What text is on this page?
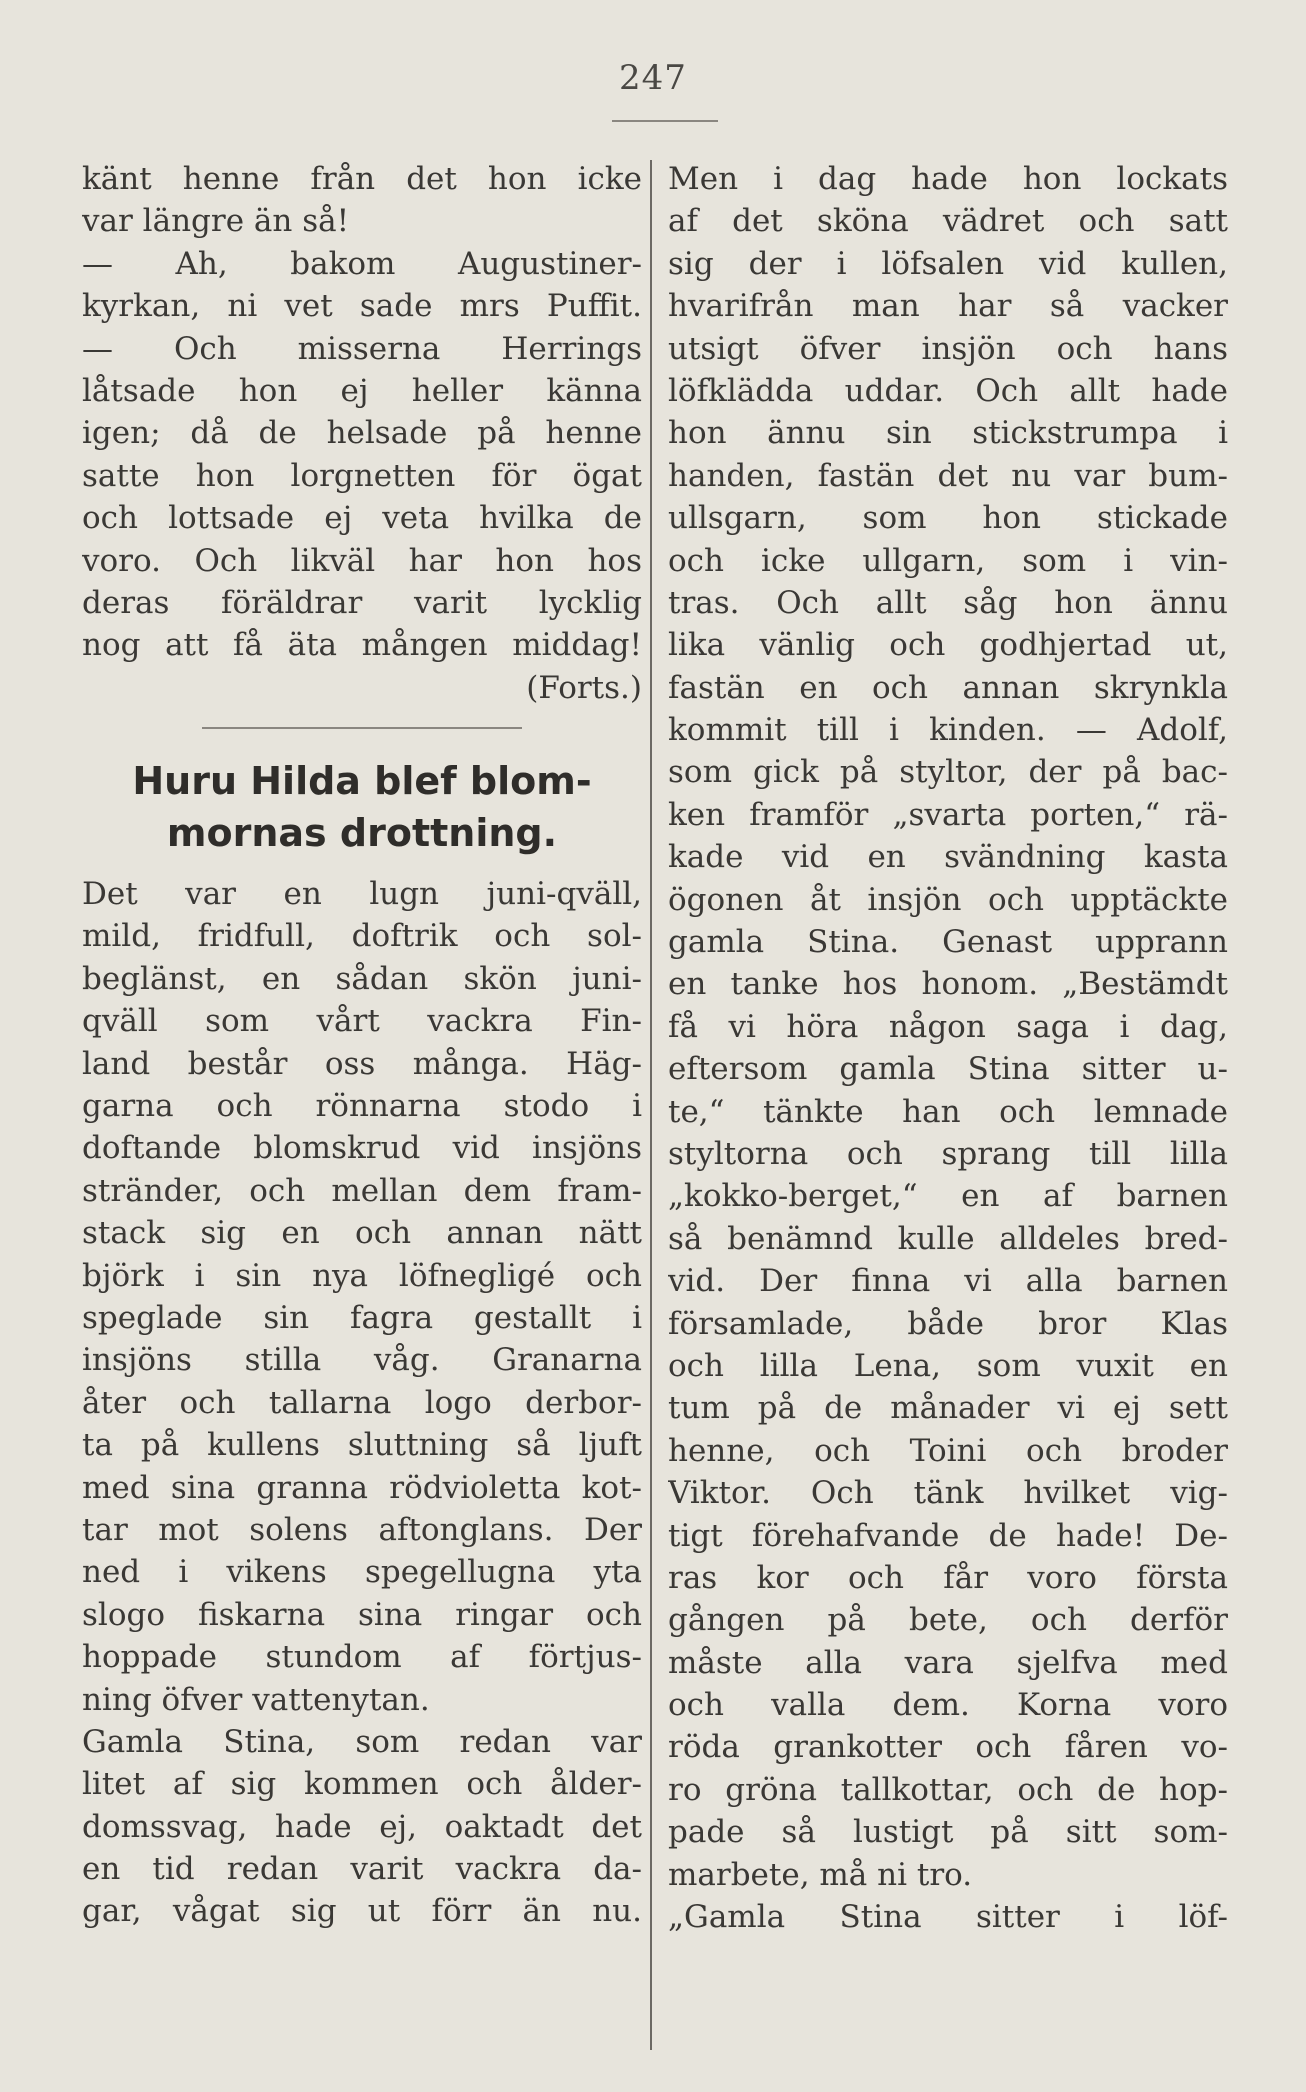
247
känt henne från det hon icke
var längre än så!
— Ah, bakom Augustiner-
kyrkan, ni vet sade mrs Puffit.
— Och misserna Herrings
låtsade hon ej heller känna
igen; då de helsade på henne
satte hon lorgnetten för ögat
och lottsade ej veta hvilka de
voro. Och likväl har hon hos
deras föräldrar varit lycklig
nog att få äta mången middag!
(Forts.)
Huru Hilda blef blom-
mornas drottning.
Det var en lugn juni-qväll,
mild, fridfull, doftrik och sol-
beglänst, en sådan skön juni-
qväll som vårt vackra Fin-
land består oss många. Häg-
garna och rönnarna stodo i
doftande blomskrud vid insjöns
stränder, och mellan dem fram-
stack sig en och annan nätt
björk i sin nya löfnegligé och
speglade sin fagra gestallt i
insjöns stilla våg. Granarna
åter och tallarna logo derbor-
ta på kullens sluttning så ljuft
med sina granna rödvioletta kot-
tar mot solens aftonglans. Der
ned i vikens spegellugna yta
slogo fiskarna sina ringar och
hoppade stundom af förtjus-
ning öfver vattenytan.
Gamla Stina, som redan var
litet af sig kommen och ålder-
domssvag, hade ej, oaktadt det
en tid redan varit vackra da-
gar, vågat sig ut förr än nu.
Men i dag hade hon lockats
af det sköna vädret och satt
sig der i löfsalen vid kullen,
hvarifrån man har så vacker
utsigt öfver insjön och hans
löfklädda uddar. Och allt hade
hon ännu sin stickstrumpa i
handen, fastän det nu var bum-
ullsgarn, som hon stickade
och icke ullgarn, som i vin-
tras. Och allt såg hon ännu
lika vänlig och godhjertad ut,
fastän en och annan skrynkla
kommit till i kinden. — Adolf,
som gick på styltor, der på bac-
ken framför „svarta porten,“ rä-
kade vid en svändning kasta
ögonen åt insjön och upptäckte
gamla Stina. Genast upprann
en tanke hos honom. „Bestämdt
få vi höra någon saga i dag,
eftersom gamla Stina sitter u-
te,“ tänkte han och lemnade
styltorna och sprang till lilla
„kokko-berget,“ en af barnen
så benämnd kulle alldeles bred-
vid. Der finna vi alla barnen
församlade, både bror Klas
och lilla Lena, som vuxit en
tum på de månader vi ej sett
henne, och Toini och broder
Viktor. Och tänk hvilket vig-
tigt förehafvande de hade! De-
ras kor och får voro första
gången på bete, och derför
måste alla vara sjelfva med
och valla dem. Korna voro
röda grankotter och fåren vo-
ro gröna tallkottar, och de hop-
pade så lustigt på sitt som-
marbete, må ni tro.
„Gamla Stina sitter i löf-
